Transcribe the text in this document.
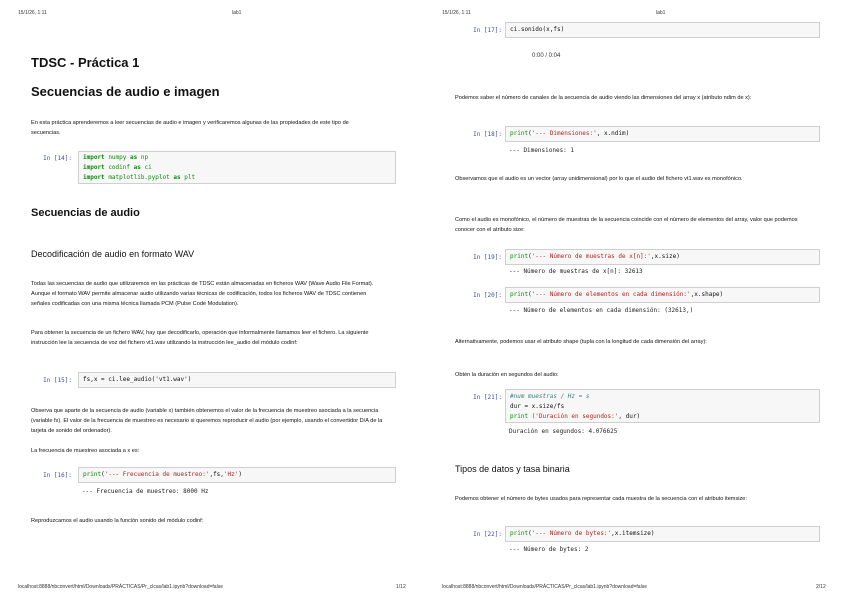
15/1/26, 1:11	lab1
TDSC - Práctica 1
Secuencias de audio e imagen

En esta práctica aprenderemos a leer secuencias de audio e imagen y verificaremos algunas de las propiedades de este tipo de secuencias.

In [14]: import numpy as np
import codinf as ci
import matplotlib.pyplot as plt
Secuencias de audio
Decodificación de audio en formato WAV

Todas las secuencias de audio que utilizaremos en las prácticas de TDSC están almacenadas en ficheros WAV (Wave Audio File Format). Aunque el formato WAV permite almacenar audio utilizando varias técnicas de codificación, todos los ficheros WAV de TDSC contienen señales codificadas con una misma técnica llamada PCM (Pulse Code Modulation).

Para obtener la secuencia de un fichero WAV, hay que decodificarlo, operación que informalmente llamamos leer el fichero. La siguiente instrucción lee la secuencia de voz del fichero vt1.wav utilizando la instrucción lee_audio del módulo codinf:

In [15]:	fs,x = ci.lee_audio('vt1.wav')

Observa que aparte de la secuencia de audio (variable x) también obtenemos el valor de la frecuencia de muestreo asociada a la secuencia (variable fs). El valor de la frecuencia de muestreo es necesario si queremos reproducir el audio (por ejemplo, usando el convertidor D/A de la tarjeta de sonido del ordenador).

La frecuencia de muestreo asociada a x es:

In [16]:	print('--- Frecuencia de muestreo:',fs,'Hz')
--- Frecuencia de muestreo: 8000 Hz

Reproduzcamos el audio usando la función sonido del módulo codinf:

localhost:8888/nbconvert/html/Downloads/PRÁCTICAS/Pr_clcas/lab1.ipynb?download=false	1/12
15/1/26, 1:11	lab1
In [17]:	ci.sonido(x,fs)
0:00 / 0:04

Podemos saber el número de canales de la secuencia de audio viendo las dimensiones del array x (atributo ndim de x):

In [18]:	print('--- Dimensiones:', x.ndim)
--- Dimensiones: 1

Observamos que el audio es un vector (array unidimensional) por lo que el audio del fichero vt1.wav es monofónico.

Como el audio es monofónico, el número de muestras de la secuencia coincide con el número de elementos del array, valor que podemos conocer con el atributo size:

In [19]:	print('--- Número de muestras de x[n]:',x.size)
--- Número de muestras de x[n]: 32613
In [20]:	print('--- Número de elementos en cada dimensión:',x.shape)
--- Número de elementos en cada dimensión: (32613,)

Alternativamente, podemos usar el atributo shape (tupla con la longitud de cada dimensión del array):

Obtén la duración en segundos del audio:

In [21]: #num muestras / Hz = s
dur = x.size/fs
print ('Duración en segundos:', dur)
Duración en segundos: 4.076625
Tipos de datos y tasa binaria

Podemos obtener el número de bytes usados para representar cada muestra de la secuencia con el atributo itemsize:

In [22]:	print('--- Número de bytes:',x.itemsize)
--- Número de bytes: 2
localhost:8888/nbconvert/html/Downloads/PRÁCTICAS/Pr_clcas/lab1.ipynb?download=false	2/12
